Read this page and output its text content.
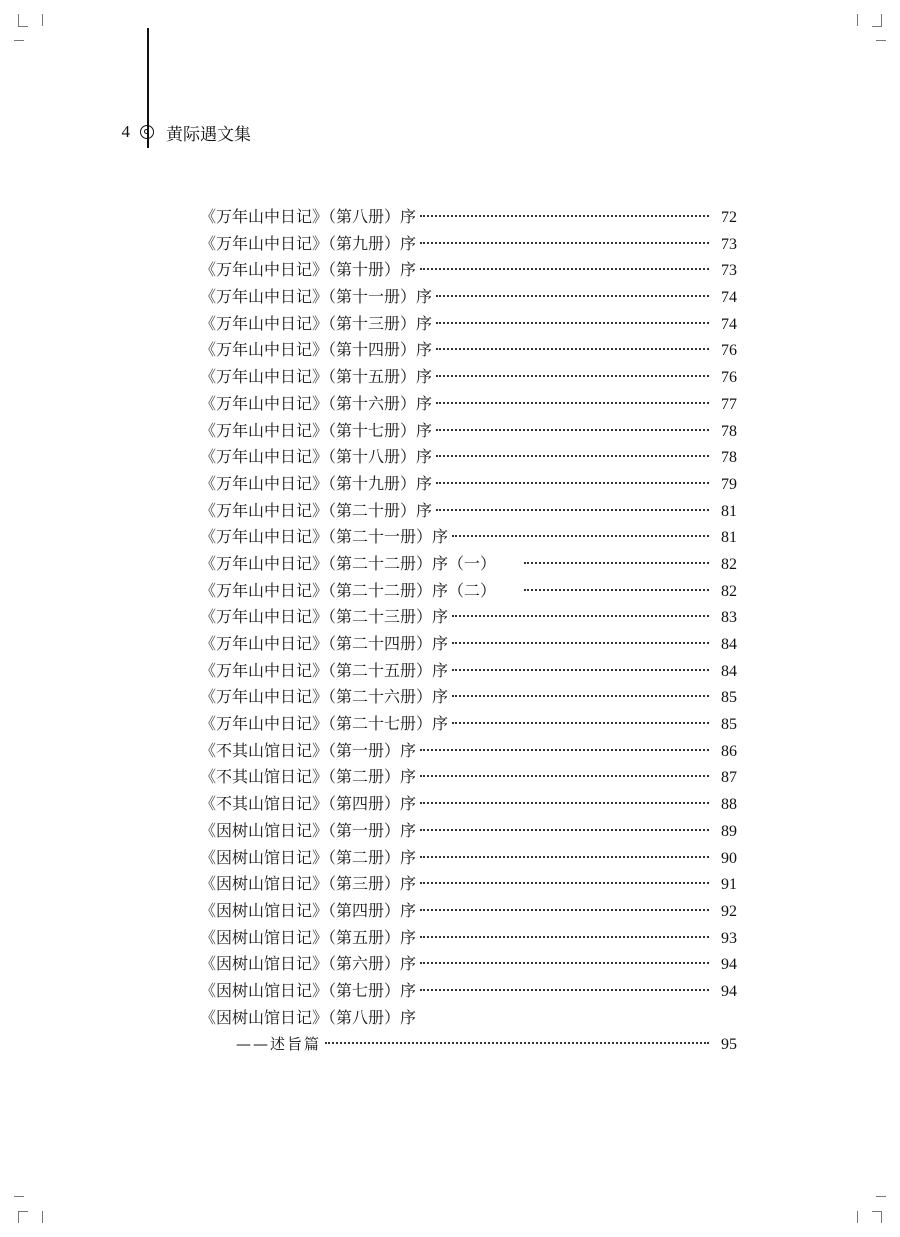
4 黄际遇文集
《万年山中日记》（第八册）序	72
《万年山中日记》（第九册）序	73
《万年山中日记》（第十册）序	73
《万年山中日记》（第十一册）序	74
《万年山中日记》（第十三册）序	74
《万年山中日记》（第十四册）序	76
《万年山中日记》（第十五册）序	76
《万年山中日记》（第十六册）序	77
《万年山中日记》（第十七册）序	78
《万年山中日记》（第十八册）序	78
《万年山中日记》（第十九册）序	79
《万年山中日记》（第二十册）序	81
《万年山中日记》（第二十一册）序	81
《万年山中日记》（第二十二册）序（一）	82
《万年山中日记》（第二十二册）序（二）	82
《万年山中日记》（第二十三册）序	83
《万年山中日记》（第二十四册）序	84
《万年山中日记》（第二十五册）序	84
《万年山中日记》（第二十六册）序	85
《万年山中日记》（第二十七册）序	85
《不其山馆日记》（第一册）序	86
《不其山馆日记》（第二册）序	87
《不其山馆日记》（第四册）序	88
《因树山馆日记》（第一册）序	89
《因树山馆日记》（第二册）序	90
《因树山馆日记》（第三册）序	91
《因树山馆日记》（第四册）序	92
《因树山馆日记》（第五册）序	93
《因树山馆日记》（第六册）序	94
《因树山馆日记》（第七册）序	94
《因树山馆日记》（第八册）序
——述旨篇	95
